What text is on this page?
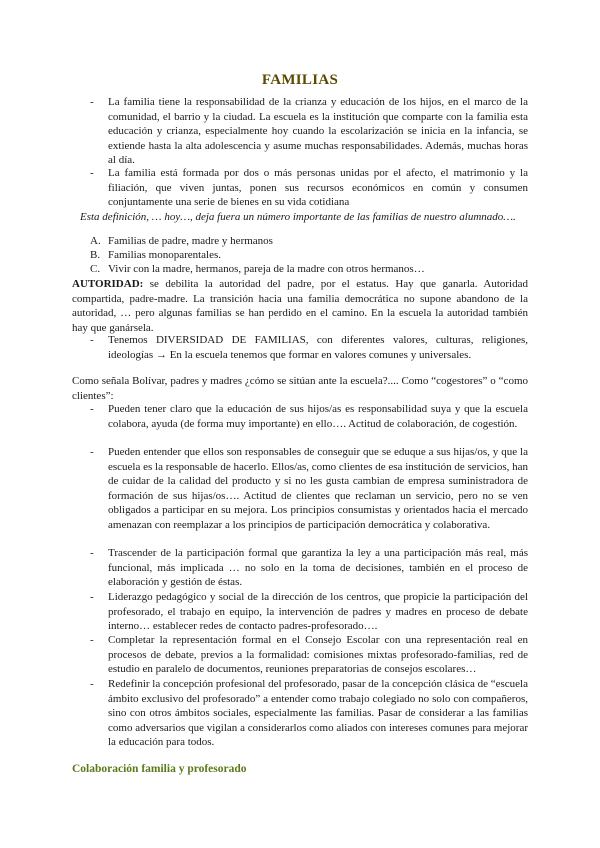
FAMILIAS
- La familia tiene la responsabilidad de la crianza y educación de los hijos, en el marco de la comunidad, el barrio y la ciudad. La escuela es la institución que comparte con la familia esta educación y crianza, especialmente hoy cuando la escolarización se inicia en la infancia, se extiende hasta la alta adolescencia y asume muchas responsabilidades. Además, muchas horas al día.
- La familia está formada por dos o más personas unidas por el afecto, el matrimonio y la filiación, que viven juntas, ponen sus recursos económicos en común y consumen conjuntamente una serie de bienes en su vida cotidiana
Esta definición, … hoy…, deja fuera un número importante de las familias de nuestro alumnado….
A. Familias de padre, madre y hermanos
B. Familias monoparentales.
C. Vivir con la madre, hermanos, pareja de la madre con otros hermanos…
AUTORIDAD: se debilita la autoridad del padre, por el estatus. Hay que ganarla. Autoridad compartida, padre-madre. La transición hacia una familia democrática no supone abandono de la autoridad, … pero algunas familias se han perdido en el camino. En la escuela la autoridad también hay que ganársela.
- Tenemos DIVERSIDAD DE FAMILIAS, con diferentes valores, culturas, religiones, ideologías → En la escuela tenemos que formar en valores comunes y universales.
Como señala Bolívar, padres y madres ¿cómo se sitúan ante la escuela?.... Como “cogestores” o “como clientes”:
- Pueden tener claro que la educación de sus hijos/as es responsabilidad suya y que la escuela colabora, ayuda (de forma muy importante) en ello…. Actitud de colaboración, de cogestión.
- Pueden entender que ellos son responsables de conseguir que se eduque a sus hijas/os, y que la escuela es la responsable de hacerlo. Ellos/as, como clientes de esa institución de servicios, han de cuidar de la calidad del producto y si no les gusta cambian de empresa suministradora de formación de sus hijas/os…. Actitud de clientes que reclaman un servicio, pero no se ven obligados a participar en su mejora. Los principios consumistas y orientados hacia el mercado amenazan con reemplazar a los principios de participación democrática y colaborativa.
- Trascender de la participación formal que garantiza la ley a una participación más real, más funcional, más implicada … no solo en la toma de decisiones, también en el proceso de elaboración y gestión de éstas.
- Liderazgo pedagógico y social de la dirección de los centros, que propicie la participación del profesorado, el trabajo en equipo, la intervención de padres y madres en proceso de debate interno… establecer redes de contacto padres-profesorado….
- Completar la representación formal en el Consejo Escolar con una representación real en procesos de debate, previos a la formalidad: comisiones mixtas profesorado-familias, red de estudio en paralelo de documentos, reuniones preparatorias de consejos escolares…
- Redefinir la concepción profesional del profesorado, pasar de la concepción clásica de “escuela ámbito exclusivo del profesorado” a entender como trabajo colegiado no solo con compañeros, sino con otros ámbitos sociales, especialmente las familias. Pasar de considerar a las familias como adversarios que vigilan a considerarlos como aliados con intereses comunes para mejorar la educación para todos.
Colaboración familia y profesorado
